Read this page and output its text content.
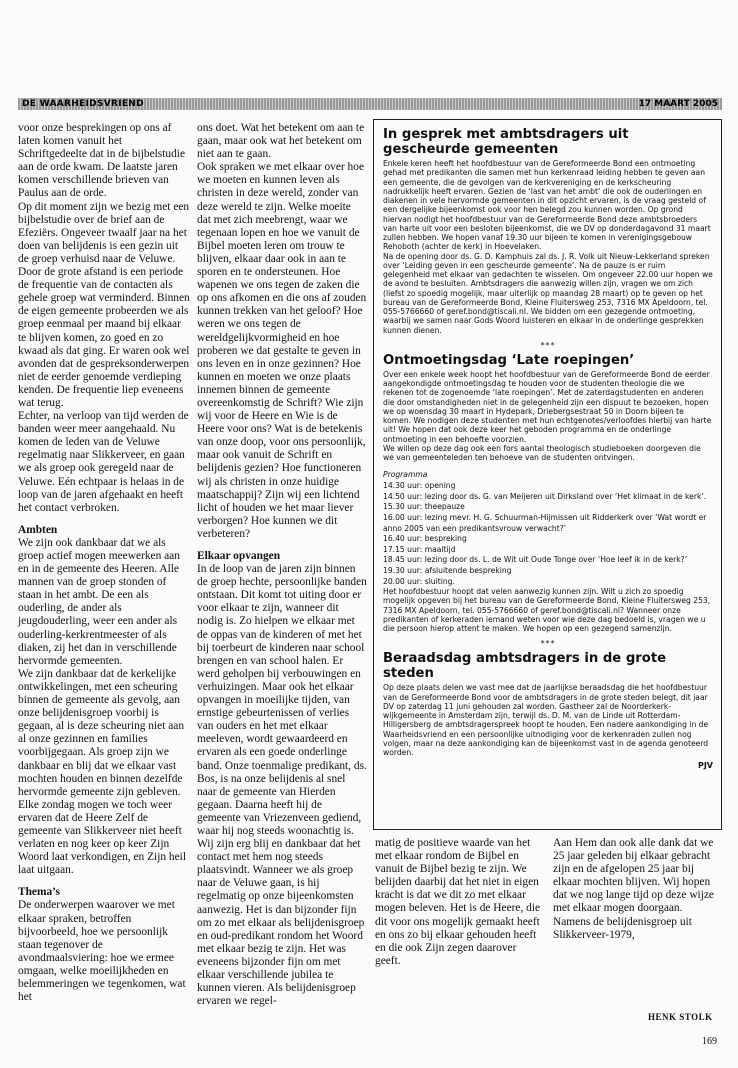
DE WAARHEIDSVRIEND	17 MAART 2005

voor onze besprekingen op ons af laten komen vanuit het Schriftgedeelte dat in de bijbelstudie aan de orde kwam. De laatste jaren komen verschillende brieven van Paulus aan de orde.

Op dit moment zijn we bezig met een bijbelstudie over de brief aan de Efeziërs. Ongeveer twaalf jaar na het doen van belijdenis is een gezin uit de groep verhuisd naar de Veluwe. Door de grote afstand is een periode de frequentie van de contacten als gehele groep wat verminderd. Binnen de eigen gemeente probeerden we als groep eenmaal per maand bij elkaar te blijven komen, zo goed en zo kwaad als dat ging. Er waren ook wel avonden dat de gespreksonderwerpen niet de eerder genoemde verdieping kenden. De frequentie liep eveneens wat terug.

Echter, na verloop van tijd werden de banden weer meer aangehaald. Nu komen de leden van de Veluwe regelmatig naar Slikkerveer, en gaan we als groep ook geregeld naar de Veluwe. Eén echtpaar is helaas in de loop van de jaren afgehaakt en heeft het contact verbroken.

Ambten

We zijn ook dankbaar dat we als groep actief mogen meewerken aan en in de gemeente des Heeren. Alle mannen van de groep stonden of staan in het ambt. De een als ouderling, de ander als jeugdouderling, weer een ander als ouderling-kerkrentmeester of als diaken, zij het dan in verschillende hervormde gemeenten.

We zijn dankbaar dat de kerkelijke ontwikkelingen, met een scheuring binnen de gemeente als gevolg, aan onze belijdenisgroep voorbij is gegaan, al is deze scheuring niet aan al onze gezinnen en families voorbijgegaan. Als groep zijn we dankbaar en blij dat we elkaar vast mochten houden en binnen dezelfde hervormde gemeente zijn gebleven. Elke zondag mogen we toch weer ervaren dat de Heere Zelf de gemeente van Slikkerveer niet heeft verlaten en nog keer op keer Zijn Woord laat verkondigen, en Zijn heil laat uitgaan.

Thema’s

De onderwerpen waarover we met elkaar spraken, betroffen bijvoorbeeld, hoe we persoonlijk staan tegenover de avondmaalsviering: hoe we ermee omgaan, welke moeilijkheden en belemmeringen we tegenkomen, wat het

ons doet. Wat het betekent om aan te gaan, maar ook wat het betekent om niet aan te gaan.

Ook spraken we met elkaar over hoe we moeten en kunnen leven als christen in deze wereld, zonder van deze wereld te zijn. Welke moeite dat met zich meebrengt, waar we tegenaan lopen en hoe we vanuit de Bijbel moeten leren om trouw te blijven, elkaar daar ook in aan te sporen en te ondersteunen. Hoe wapenen we ons tegen de zaken die op ons afkomen en die ons af zouden kunnen trekken van het geloof? Hoe weren we ons tegen de wereldgelijkvormigheid en hoe proberen we dat gestalte te geven in ons leven en in onze gezinnen? Hoe kunnen en moeten we onze plaats innemen binnen de gemeente overeenkomstig de Schrift? Wie zijn wij voor de Heere en Wie is de Heere voor ons? Wat is de betekenis van onze doop, voor ons persoonlijk, maar ook vanuit de Schrift en belijdenis gezien? Hoe functioneren wij als christen in onze huidige maatschappij? Zijn wij een lichtend licht of houden we het maar liever verborgen? Hoe kunnen we dit verbeteren?

Elkaar opvangen

In de loop van de jaren zijn binnen de groep hechte, persoonlijke banden ontstaan. Dit komt tot uiting door er voor elkaar te zijn, wanneer dit nodig is. Zo hielpen we elkaar met de oppas van de kinderen of met het bij toerbeurt de kinderen naar school brengen en van school halen. Er werd geholpen bij verbouwingen en verhuizingen. Maar ook het elkaar opvangen in moeilijke tijden, van ernstige gebeurtenissen of verlies van ouders en het met elkaar meeleven, wordt gewaardeerd en ervaren als een goede onderlinge band. Onze toenmalige predikant, ds. Bos, is na onze belijdenis al snel naar de gemeente van Hierden gegaan. Daarna heeft hij de gemeente van Vriezenveen gediend, waar hij nog steeds woonachtig is. Wij zijn erg blij en dankbaar dat het contact met hem nog steeds plaatsvindt. Wanneer we als groep naar de Veluwe gaan, is hij regelmatig op onze bijeenkomsten aanwezig. Het is dan bijzonder fijn om zo met elkaar als belijdenisgroep en oud-predikant rondom het Woord met elkaar bezig te zijn. Het was eveneens bijzonder fijn om met elkaar verschillende jubilea te kunnen vieren. Als belijdenisgroep ervaren we regel-

In gesprek met ambtsdragers uit gescheurde gemeenten

Enkele keren heeft het hoofdbestuur van de Gereformeerde Bond een ontmoeting gehad met predikanten die samen met hun kerkenraad leiding hebben te geven aan een gemeente, die de gevolgen van de kerkvereniging en de kerkscheuring nadrukkelijk heeft ervaren. Gezien de ‘last van het ambt’ die ook de ouderlingen en diakenen in vele hervormde gemeenten in dit opzicht ervaren, is de vraag gesteld of een dergelijke bijeenkomst ook voor hen belegd zou kunnen worden. Op grond hiervan nodigt het hoofdbestuur van de Gereformeerde Bond deze ambtsbroeders van harte uit voor een besloten bijeenkomst, die we DV op donderdagavond 31 maart zullen hebben. We hopen vanaf 19.30 uur bijeen te komen in verenigingsgebouw Rehoboth (achter de kerk) in Hoevelaken.

Na de opening door ds. G. D. Kamphuis zal ds. J. R. Volk uit Nieuw-Lekkerland spreken over ‘Leiding geven in een gescheurde gemeente’. Na de pauze is er ruim gelegenheid met elkaar van gedachten te wisselen. Om ongeveer 22.00 uur hopen we de avond te besluiten. Ambtsdragers die aanwezig willen zijn, vragen we om zich (liefst zo spoedig mogelijk, maar uiterlijk op maandag 28 maart) op te geven op het bureau van de Gereformeerde Bond, Kleine Fluitersweg 253, 7316 MX Apeldoorn, tel. 055-5766660 of geref.bond@tiscali.nl. We bidden om een gezegende ontmoeting, waarbij we samen naar Gods Woord luisteren en elkaar in de onderlinge gesprekken kunnen dienen.

***
Ontmoetingsdag ‘Late roepingen’

Over een enkele week hoopt het hoofdbestuur van de Gereformeerde Bond de eerder aangekondigde ontmoetingsdag te houden voor de studenten theologie die we rekenen tot de zogenoemde ‘late roepingen’. Met de zaterdagstudenten en anderen die door omstandigheden niet in de gelegenheid zijn een dispuut te bezoeken, hopen we op woensdag 30 maart in Hydepark, Driebergsestraat 50 in Doorn bijeen te komen. We nodigen deze studenten met hun echtgenotes/verloofdes hierbij van harte uit! We hopen dat ook deze keer het geboden programma en de onderlinge ontmoeting in een behoefte voorzien.

We willen op deze dag ook een fors aantal theologisch studieboeken doorgeven die we van gemeenteleden ten behoeve van de studenten ontvingen.

Programma
14.30 uur: opening
14.50 uur: lezing door ds. G. van Meijeren uit Dirksland over ‘Het klimaat in de kerk’.
15.30 uur: theepauze
16.00 uur: lezing mevr. H. G. Schuurman-Hijmissen uit Ridderkerk over ‘Wat wordt er anno 2005 van een predikantsvrouw verwacht?’
16.40 uur: bespreking
17.15 uur: maaltijd
18.45 uur: lezing door ds. L. de Wit uit Oude Tonge over ‘Hoe leef ik in de kerk?’
19.30 uur: afsluitende bespreking
20.00 uur: sluiting.

Het hoofdbestuur hoopt dat velen aanwezig kunnen zijn. Wilt u zich zo spoedig mogelijk opgeven bij het bureau van de Gereformeerde Bond, Kleine Fluitersweg 253, 7316 MX Apeldoorn, tel. 055-5766660 of geref.bond@tiscali.nl? Wanneer onze predikanten of kerkeraden iemand weten voor wie deze dag bedoeld is, vragen we u die persoon hierop attent te maken. We hopen op een gezegend samenzijn.

***
Beraadsdag ambtsdragers in de grote steden

Op deze plaats delen we vast mee dat de jaarlijkse beraadsdag die het hoofdbestuur van de Gereformeerde Bond voor de ambtsdragers in de grote steden belegt, dit jaar DV op zaterdag 11 juni gehouden zal worden. Gastheer zal de Noorderkerk-wijkgemeente in Amsterdam zijn, terwijl ds. D. M. van de Linde uit Rotterdam-Hilligersberg de ambtsdragerspreek hoopt te houden. Een nadere aankondiging in de Waarheidsvriend en een persoonlijke uitnodiging voor de kerkenraden zullen nog volgen, maar na deze aankondiging kan de bijeenkomst vast in de agenda genoteerd worden.

PJV

matig de positieve waarde van het met elkaar rondom de Bijbel en vanuit de Bijbel bezig te zijn. We belijden daarbij dat het niet in eigen kracht is dat we dit zo met elkaar mogen beleven. Het is de Heere, die dit voor ons mogelijk gemaakt heeft en ons zo bij elkaar gehouden heeft en die ook Zijn zegen daarover geeft.

Aan Hem dan ook alle dank dat we 25 jaar geleden bij elkaar gebracht zijn en de afgelopen 25 jaar bij elkaar mochten blijven. Wij hopen dat we nog lange tijd op deze wijze met elkaar mogen doorgaan.

Namens de belijdenisgroep uit Slikkerveer-1979,

HENK STOLK
169
